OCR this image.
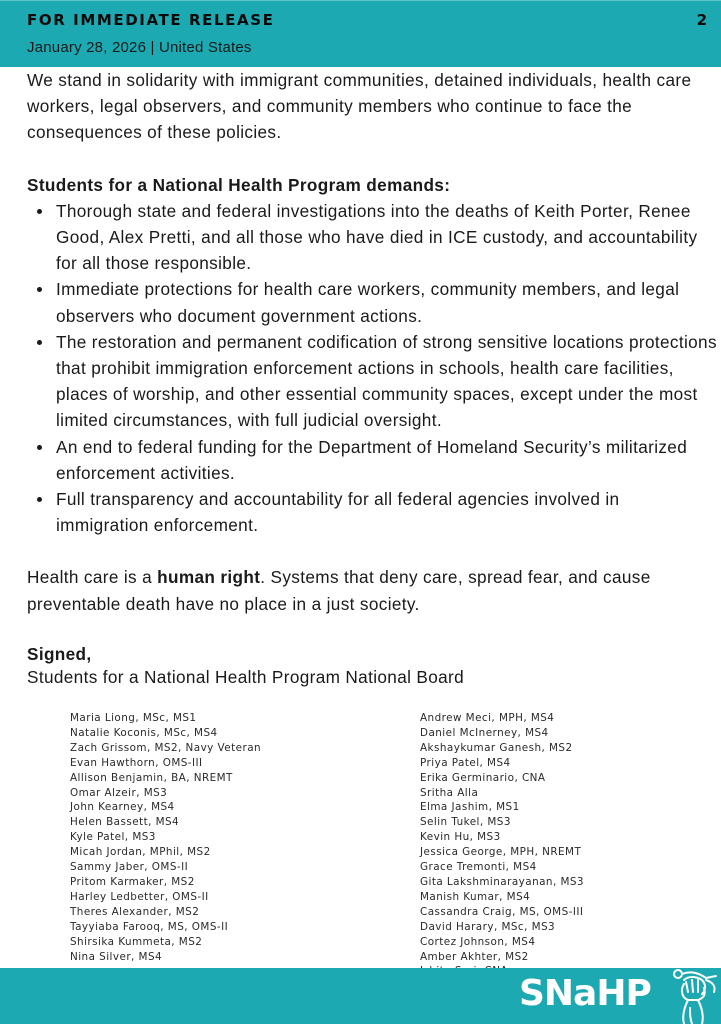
FOR IMMEDIATE RELEASE	2
January 28, 2026 | United States

We stand in solidarity with immigrant communities, detained individuals, health care workers, legal observers, and community members who continue to face the consequences of these policies.

Students for a National Health Program demands:

Thorough state and federal investigations into the deaths of Keith Porter, Renee Good, Alex Pretti, and all those who have died in ICE custody, and accountability for all those responsible.
Immediate protections for health care workers, community members, and legal observers who document government actions.
The restoration and permanent codification of strong sensitive locations protections that prohibit immigration enforcement actions in schools, health care facilities, places of worship, and other essential community spaces, except under the most limited circumstances, with full judicial oversight.
An end to federal funding for the Department of Homeland Security’s militarized enforcement activities.
Full transparency and accountability for all federal agencies involved in immigration enforcement.

Health care is a human right. Systems that deny care, spread fear, and cause preventable death have no place in a just society.

Signed,

Students for a National Health Program National Board

Maria Liong, MSc, MS1
Natalie Koconis, MSc, MS4
Zach Grissom, MS2, Navy Veteran
Evan Hawthorn, OMS-III
Allison Benjamin, BA, NREMT
Omar Alzeir, MS3
John Kearney, MS4
Helen Bassett, MS4
Kyle Patel, MS3
Micah Jordan, MPhil, MS2
Sammy Jaber, OMS-II
Pritom Karmaker, MS2
Harley Ledbetter, OMS-II
Theres Alexander, MS2
Tayyiaba Farooq, MS, OMS-II
Shirsika Kummeta, MS2
Nina Silver, MS4
Andrew Meci, MPH, MS4
Daniel McInerney, MS4
Akshaykumar Ganesh, MS2
Priya Patel, MS4
Erika Germinario, CNA
Sritha Alla
Elma Jashim, MS1
Selin Tukel, MS3
Kevin Hu, MS3
Jessica George, MPH, NREMT
Grace Tremonti, MS4
Gita Lakshminarayanan, MS3
Manish Kumar, MS4
Cassandra Craig, MS, OMS-III
David Harary, MSc, MS3
Cortez Johnson, MS4
Amber Akhter, MS2
SNaHP
